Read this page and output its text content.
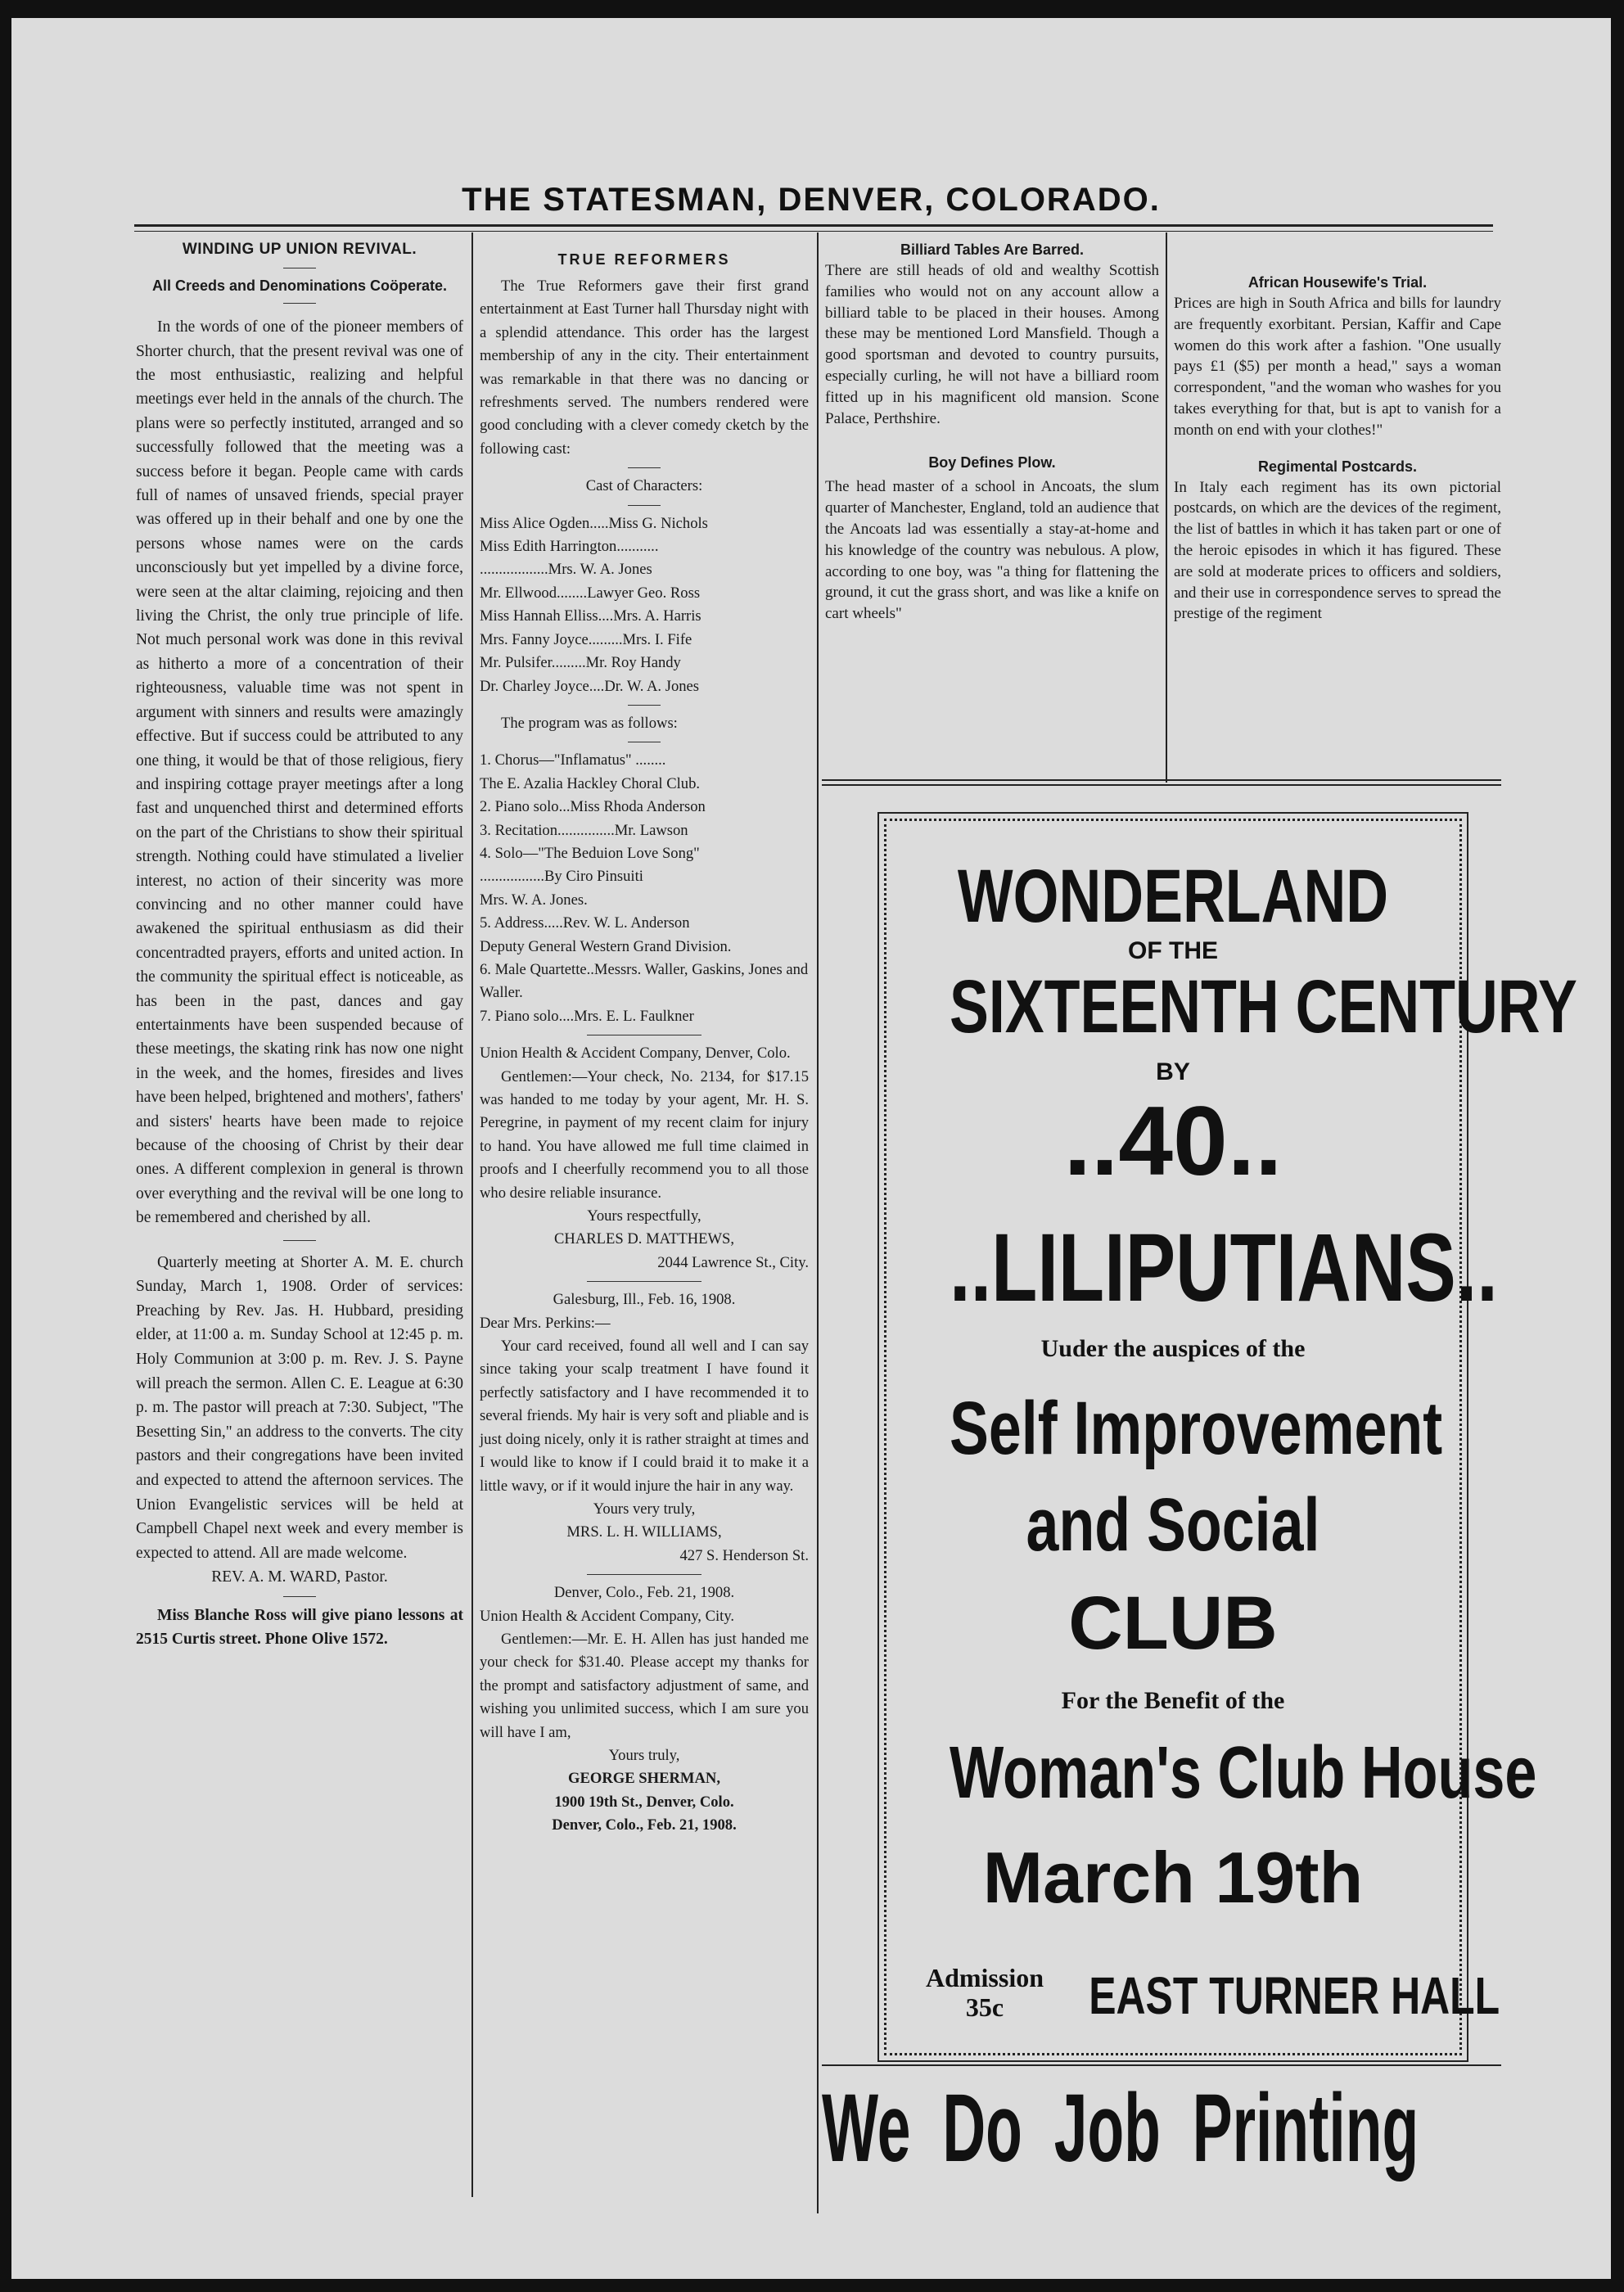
THE STATESMAN, DENVER, COLORADO.

WINDING UP UNION REVIVAL.

All Creeds and Denominations Coöperate.

In the words of one of the pioneer members of Shorter church, that the present revival was one of the most enthusiastic, realizing and helpful meetings ever held in the annals of the church. The plans were so perfectly instituted, arranged and so successfully followed that the meeting was a success before it began. People came with cards full of names of unsaved friends, special prayer was offered up in their behalf and one by one the persons whose names were on the cards unconsciously but yet impelled by a divine force, were seen at the altar claiming, rejoicing and then living the Christ, the only true principle of life. Not much personal work was done in this revival as hitherto a more of a concentration of their righteousness, valuable time was not spent in argument with sinners and results were amazingly effective. But if success could be attributed to any one thing, it would be that of those religious, fiery and inspiring cottage prayer meetings after a long fast and unquenched thirst and determined efforts on the part of the Christians to show their spiritual strength. Nothing could have stimulated a livelier interest, no action of their sincerity was more convincing and no other manner could have awakened the spiritual enthusiasm as did their concentradted prayers, efforts and united action. In the community the spiritual effect is noticeable, as has been in the past, dances and gay entertainments have been suspended because of these meetings, the skating rink has now one night in the week, and the homes, firesides and lives have been helped, brightened and mothers', fathers' and sisters' hearts have been made to rejoice because of the choosing of Christ by their dear ones. A different complexion in general is thrown over everything and the revival will be one long to be remembered and cherished by all.

Quarterly meeting at Shorter A. M. E. church Sunday, March 1, 1908. Order of services: Preaching by Rev. Jas. H. Hubbard, presiding elder, at 11:00 a. m. Sunday School at 12:45 p. m. Holy Communion at 3:00 p. m. Rev. J. S. Payne will preach the sermon. Allen C. E. League at 6:30 p. m. The pastor will preach at 7:30. Subject, "The Besetting Sin," an address to the converts. The city pastors and their congregations have been invited and expected to attend the afternoon services. The Union Evangelistic services will be held at Campbell Chapel next week and every member is expected to attend. All are made welcome.

REV. A. M. WARD, Pastor.

Miss Blanche Ross will give piano lessons at 2515 Curtis street. Phone Olive 1572.

TRUE REFORMERS

The True Reformers gave their first grand entertainment at East Turner hall Thursday night with a splendid attendance. This order has the largest membership of any in the city. Their entertainment was remarkable in that there was no dancing or refreshments served. The numbers rendered were good concluding with a clever comedy cketch by the following cast:

Cast of Characters:

Miss Alice Ogden.....Miss G. Nichols

Miss Edith Harrington...........

..................Mrs. W. A. Jones

Mr. Ellwood........Lawyer Geo. Ross

Miss Hannah Elliss....Mrs. A. Harris

Mrs. Fanny Joyce.........Mrs. I. Fife

Mr. Pulsifer.........Mr. Roy Handy

Dr. Charley Joyce....Dr. W. A. Jones

The program was as follows:

1. Chorus—"Inflamatus" ........

The E. Azalia Hackley Choral Club.

2. Piano solo...Miss Rhoda Anderson

3. Recitation...............Mr. Lawson

4. Solo—"The Beduion Love Song"

.................By Ciro Pinsuiti

Mrs. W. A. Jones.

5. Address.....Rev. W. L. Anderson

Deputy General Western Grand Division.

6. Male Quartette..Messrs. Waller, Gaskins, Jones and Waller.

7. Piano solo....Mrs. E. L. Faulkner

Union Health & Accident Company, Denver, Colo.

Gentlemen:—Your check, No. 2134, for $17.15 was handed to me today by your agent, Mr. H. S. Peregrine, in payment of my recent claim for injury to hand. You have allowed me full time claimed in proofs and I cheerfully recommend you to all those who desire reliable insurance.

Yours respectfully,

CHARLES D. MATTHEWS,

2044 Lawrence St., City.

Galesburg, Ill., Feb. 16, 1908.

Dear Mrs. Perkins:—

Your card received, found all well and I can say since taking your scalp treatment I have found it perfectly satisfactory and I have recommended it to several friends. My hair is very soft and pliable and is just doing nicely, only it is rather straight at times and I would like to know if I could braid it to make it a little wavy, or if it would injure the hair in any way.

Yours very truly,

MRS. L. H. WILLIAMS,

427 S. Henderson St.

Denver, Colo., Feb. 21, 1908.

Union Health & Accident Company, City.

Gentlemen:—Mr. E. H. Allen has just handed me your check for $31.40. Please accept my thanks for the prompt and satisfactory adjustment of same, and wishing you unlimited success, which I am sure you will have I am,

Yours truly,

GEORGE SHERMAN,

1900 19th St., Denver, Colo.

Denver, Colo., Feb. 21, 1908.

Billiard Tables Are Barred.

There are still heads of old and wealthy Scottish families who would not on any account allow a billiard table to be placed in their houses. Among these may be mentioned Lord Mansfield. Though a good sportsman and devoted to country pursuits, especially curling, he will not have a billiard room fitted up in his magnificent old mansion. Scone Palace, Perthshire.

Boy Defines Plow.

The head master of a school in Ancoats, the slum quarter of Manchester, England, told an audience that the Ancoats lad was essentially a stay-at-home and his knowledge of the country was nebulous. A plow, according to one boy, was "a thing for flattening the ground, it cut the grass short, and was like a knife on cart wheels"

African Housewife's Trial.

Prices are high in South Africa and bills for laundry are frequently exorbitant. Persian, Kaffir and Cape women do this work after a fashion. "One usually pays £1 ($5) per month a head," says a woman correspondent, "and the woman who washes for you takes everything for that, but is apt to vanish for a month on end with your clothes!"

Regimental Postcards.

In Italy each regiment has its own pictorial postcards, on which are the devices of the regiment, the list of battles in which it has taken part or one of the heroic episodes in which it has figured. These are sold at moderate prices to officers and soldiers, and their use in correspondence serves to spread the prestige of the regiment

WONDERLAND
OF THE
SIXTEENTH CENTURY
BY
..40..
..LILIPUTIANS..
Uuder the auspices of the
Self Improvement
and Social
CLUB
For the Benefit of the
Woman's Club House
March 19th
Admission
35c	EAST TURNER HALL
We Do Job Printing
